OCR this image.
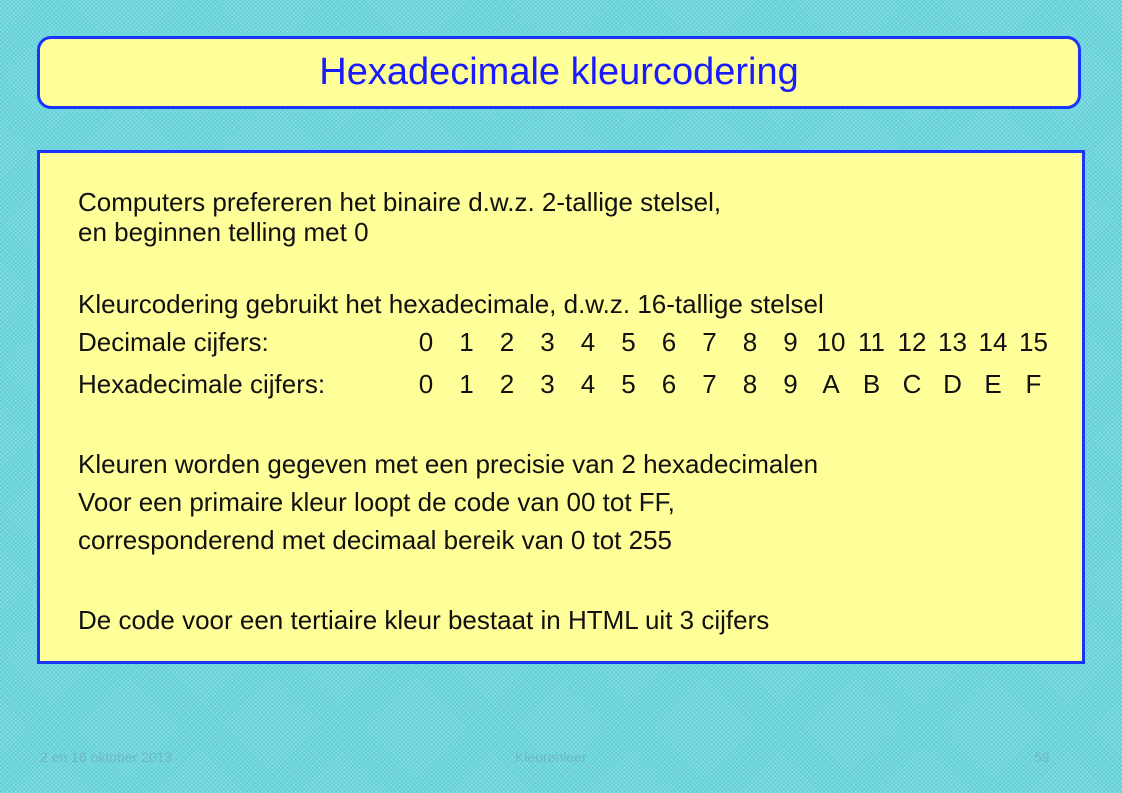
Hexadecimale kleurcodering
Computers prefereren het binaire d.w.z. 2-tallige stelsel,
en beginnen telling met 0
Kleurcodering gebruikt het hexadecimale, d.w.z. 16-tallige stelsel
Decimale cijfers:	0	1	2	3	4	5	6	7	8	9 10 11 12 13 14 15
Hexadecimale cijfers:	0	1	2	3	4	5	6	7	8	9 A B C D E F
Kleuren worden gegeven met een precisie van 2 hexadecimalen
Voor een primaire kleur loopt de code van 00 tot FF,
corresponderend met decimaal bereik van 0 tot 255
De code voor een tertiaire kleur bestaat in HTML uit 3 cijfers
2 en 16 oktober 2013	Kleurenleer	59
